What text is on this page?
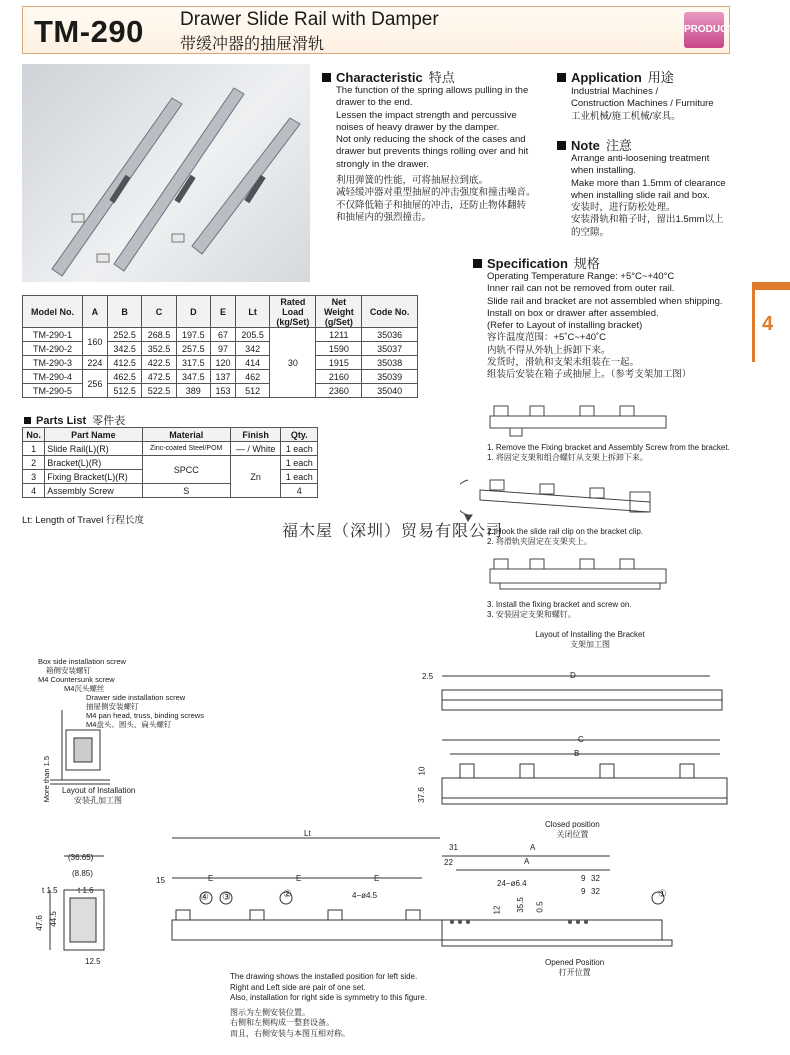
TM-290 Drawer Slide Rail with Damper
带缓冲器的抽屉滑轨
PRODUCT
Characteristic 特点
The function of the spring allows pulling in the
drawer to the end.
Lessen the impact strength and percussive
noises of heavy drawer by the damper.
Not only reducing the shock of the cases and
drawer but prevents things rolling over and hit
strongly in the drawer.
利用弹簧的性能，可将抽屉拉到底。
减轻缓冲器对重型抽屉的冲击强度和撞击噪音。
不仅降低箱子和抽屉的冲击，还防止物体翻转
和抽屉内的强烈撞击。
Application 用途
Industrial Machines /
Construction Machines / Furniture
工业机械/施工机械/家具。
Note 注意
Arrange anti-loosening treatment
when installing.
Make more than 1.5mm of clearance
when installing slide rail and box.
安装时，进行防松处理。
安装滑轨和箱子时，留出1.5mm以上
的空隙。
4
Specification 规格
Operating Temperature Range: +5°C~+40°C
Inner rail can not be removed from outer rail.
Slide rail and bracket are not assembled when shipping.
Install on box or drawer after assembled.
(Refer to Layout of installing bracket)
容许温度范围：+5˚C~+40˚C
内轨不得从外轨上拆卸下来。
发货时，滑轨和支架未组装在一起。
组装后安装在箱子或抽屉上。（参考支架加工图）
Model No.	A	B	C	D	E	Lt	Rated Load (kg/Set)	Net Weight (g/Set)	Code No.
TM-290-1	160	252.5	268.5	197.5	67	205.5	30	1211	35036
TM-290-2		342.5	352.5	257.5	97	342		1590	35037
TM-290-3	224	412.5	422.5	317.5	120	414		1915	35038
TM-290-4	256	462.5	472.5	347.5	137	462		2160	35039
TM-290-5		512.5	522.5	389	153	512		2360	35040
Parts List 零件表
No.	Part Name	Material	Finish	Qty.
1	Slide Rail(L)(R)	Zinc-coated Steel/POM	— / White	1 each
2	Bracket(L)(R)	SPCC	Zn	1 each
3	Fixing Bracket(L)(R)			1 each
4	Assembly Screw	S		4
Lt: Length of Travel 行程长度
福木屋（深圳）贸易有限公司
1. Remove the Fixing bracket and Assembly Screw from the bracket.
1. 将固定支架和组合螺钉从支架上拆卸下来。
2. Hook the slide rail clip on the bracket clip.
2. 将滑轨夹固定在支架夹上。
3. Install the fixing bracket and screw on.
3. 安装固定支架和螺钉。
Layout of Installing the Bracket
支架加工图
Box side installation screw
箱侧安装螺钉
M4 Countersunk screw
M4沉头螺丝
Drawer side installation screw
抽屉侧安装螺钉
M4 pan head, truss, binding screws
M4盘头、圆头、扁头螺钉
More than 1.5 Layout of Installation
安装孔加工图
2.5	D
C
B
10
37.6
Closed position
关闭位置
(36.65)
(8.85)
t 1.5	t 1.6
47.6 44.5
12.5
Lt
E	E	E
15
4−ø4.5
31
22
A
A
24−ø6.4
9 32
9 32
12 35.5 0.5
④ ③	②	①
Opened Position
打开位置
The drawing shows the installed position for left side.
Right and Left side are pair of one set.
Also, installation for right side is symmetry to this figure.
图示为左侧安装位置。
右侧和左侧构成一整套设备。
而且，右侧安装与本图互相对称。
